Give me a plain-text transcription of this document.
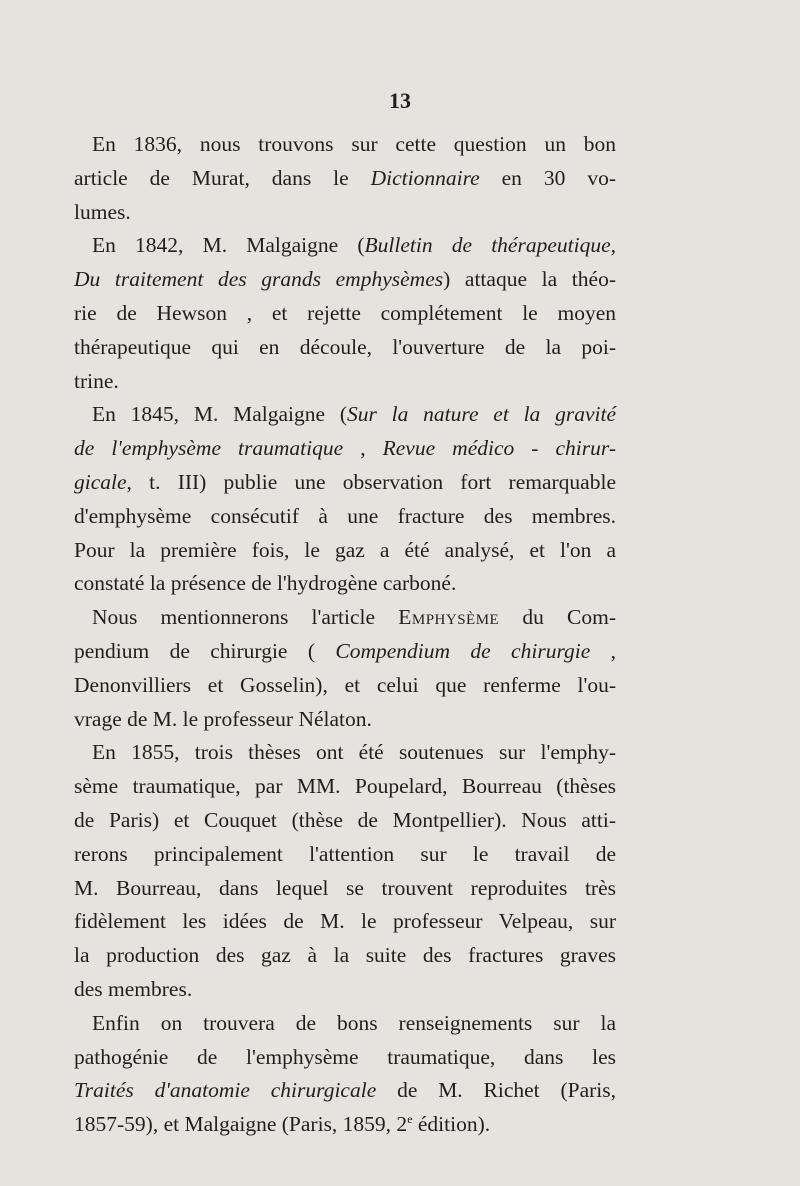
13
En 1836, nous trouvons sur cette question un bon
article de Murat, dans le Dictionnaire en 30 vo-
lumes.
En 1842, M. Malgaigne (Bulletin de thérapeutique,
Du traitement des grands emphysèmes) attaque la théo-
rie de Hewson , et rejette complétement le moyen
thérapeutique qui en découle, l'ouverture de la poi-
trine.
En 1845, M. Malgaigne (Sur la nature et la gravité
de l'emphysème traumatique , Revue médico - chirur-
gicale, t. III) publie une observation fort remarquable
d'emphysème consécutif à une fracture des membres.
Pour la première fois, le gaz a été analysé, et l'on a
constaté la présence de l'hydrogène carboné.
Nous mentionnerons l'article Emphysème du Com-
pendium de chirurgie ( Compendium de chirurgie ,
Denonvilliers et Gosselin), et celui que renferme l'ou-
vrage de M. le professeur Nélaton.
En 1855, trois thèses ont été soutenues sur l'emphy-
sème traumatique, par MM. Poupelard, Bourreau (thèses
de Paris) et Couquet (thèse de Montpellier). Nous atti-
rerons principalement l'attention sur le travail de
M. Bourreau, dans lequel se trouvent reproduites très
fidèlement les idées de M. le professeur Velpeau, sur
la production des gaz à la suite des fractures graves
des membres.
Enfin on trouvera de bons renseignements sur la
pathogénie de l'emphysème traumatique, dans les
Traités d'anatomie chirurgicale de M. Richet (Paris,
1857-59), et Malgaigne (Paris, 1859, 2e édition).
